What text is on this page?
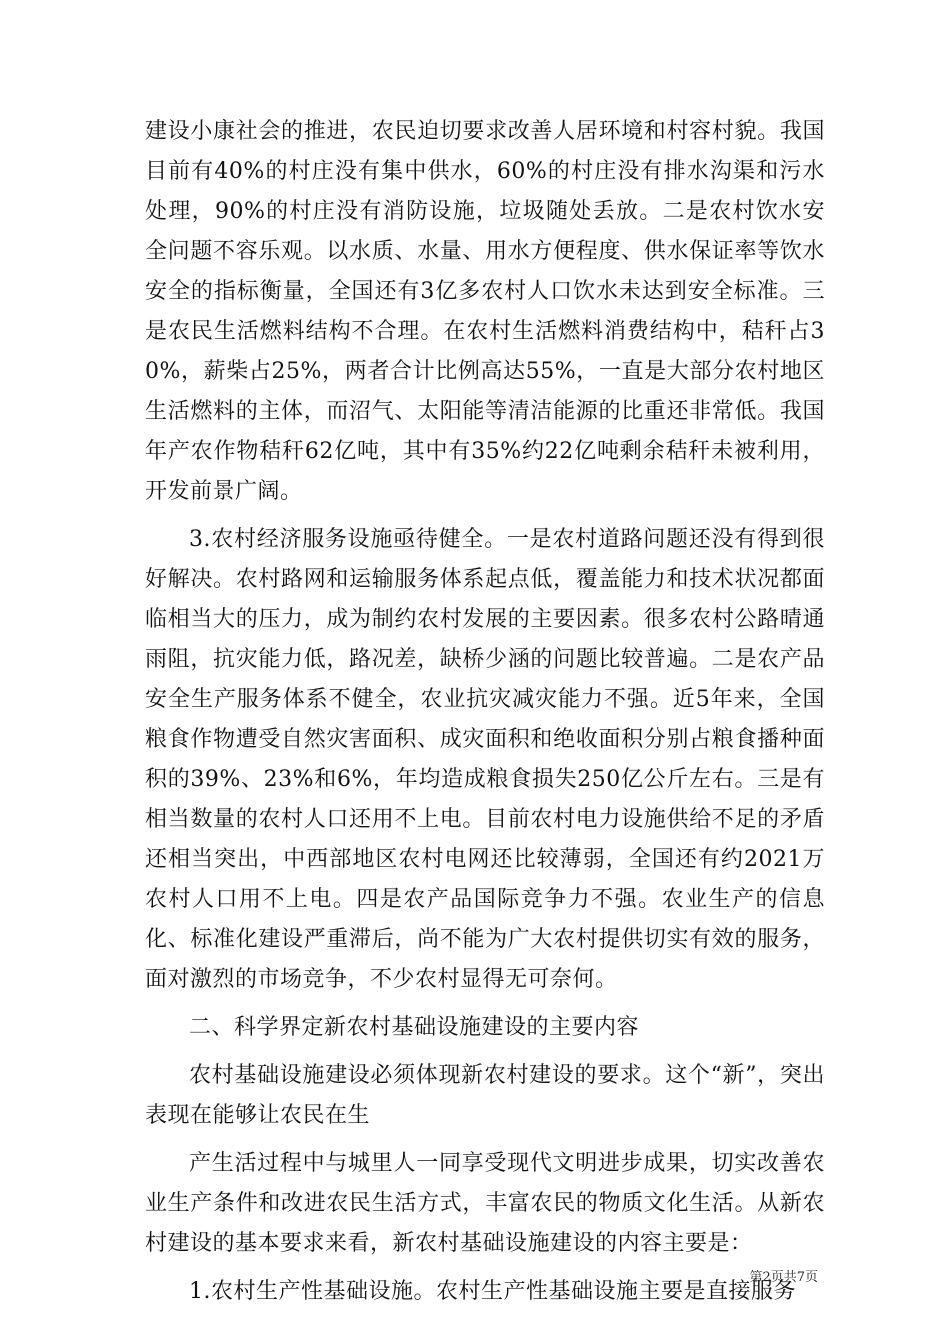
建设小康社会的推进，农民迫切要求改善人居环境和村容村貌。我国目前有40%的村庄没有集中供水，60%的村庄没有排水沟渠和污水处理，90%的村庄没有消防设施，垃圾随处丢放。二是农村饮水安全问题不容乐观。以水质、水量、用水方便程度、供水保证率等饮水安全的指标衡量，全国还有3亿多农村人口饮水未达到安全标准。三是农民生活燃料结构不合理。在农村生活燃料消费结构中，秸秆占30%，薪柴占25%，两者合计比例高达55%，一直是大部分农村地区生活燃料的主体，而沼气、太阳能等清洁能源的比重还非常低。我国年产农作物秸秆62亿吨，其中有35%约22亿吨剩余秸秆未被利用，开发前景广阔。

3.农村经济服务设施亟待健全。一是农村道路问题还没有得到很好解决。农村路网和运输服务体系起点低，覆盖能力和技术状况都面临相当大的压力，成为制约农村发展的主要因素。很多农村公路晴通雨阻，抗灾能力低，路况差，缺桥少涵的问题比较普遍。二是农产品安全生产服务体系不健全，农业抗灾减灾能力不强。近5年来，全国粮食作物遭受自然灾害面积、成灾面积和绝收面积分别占粮食播种面积的39%、23%和6%，年均造成粮食损失250亿公斤左右。三是有相当数量的农村人口还用不上电。目前农村电力设施供给不足的矛盾还相当突出，中西部地区农村电网还比较薄弱，全国还有约2021万农村人口用不上电。四是农产品国际竞争力不强。农业生产的信息化、标准化建设严重滞后，尚不能为广大农村提供切实有效的服务，面对激烈的市场竞争，不少农村显得无可奈何。

二、科学界定新农村基础设施建设的主要内容

农村基础设施建设必须体现新农村建设的要求。这个“新”，突出表现在能够让农民在生

产生活过程中与城里人一同享受现代文明进步成果，切实改善农业生产条件和改进农民生活方式，丰富农民的物质文化生活。从新农村建设的基本要求来看，新农村基础设施建设的内容主要是：

1.农村生产性基础设施。农村生产性基础设施主要是直接服务

第2页共7页
